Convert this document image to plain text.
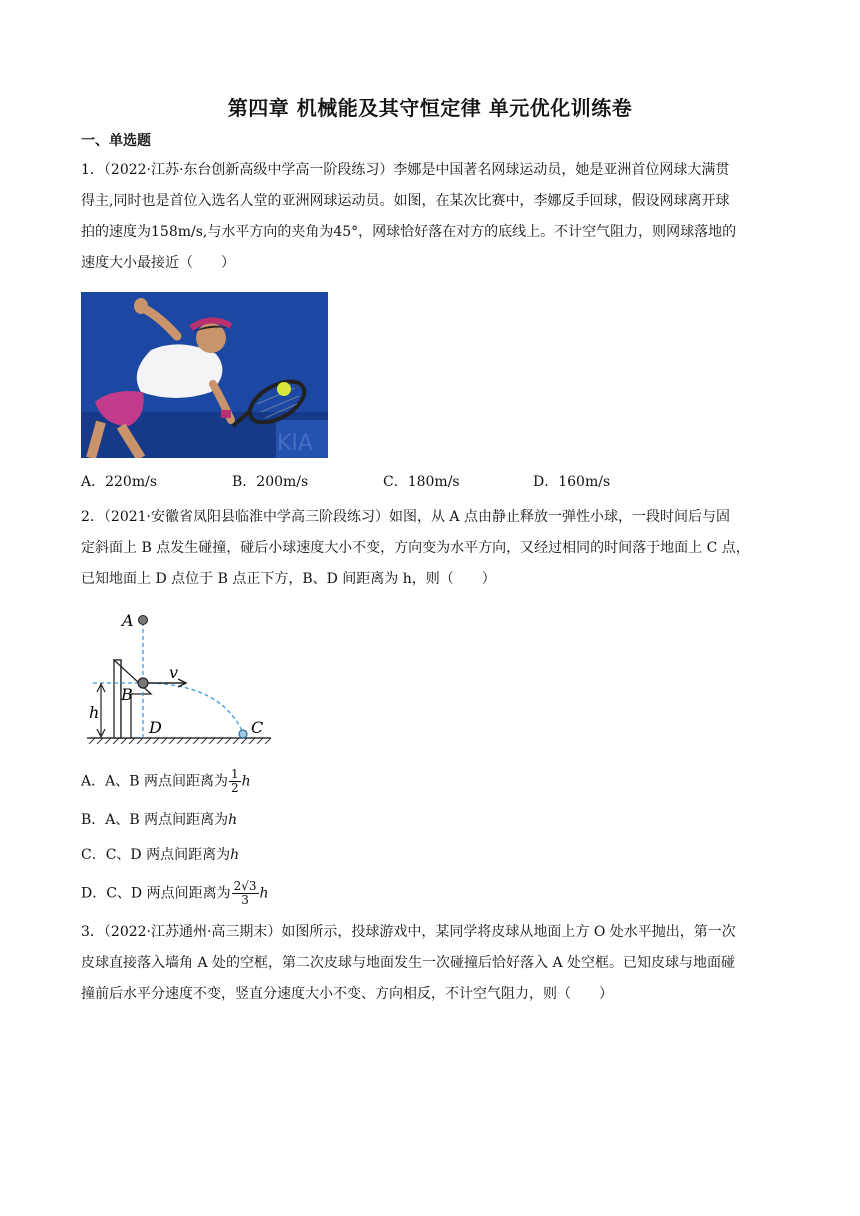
第四章 机械能及其守恒定律 单元优化训练卷
一、单选题
1．（2022·江苏·东台创新高级中学高一阶段练习）李娜是中国著名网球运动员，她是亚洲首位网球大满贯
得主,同时也是首位入选名人堂的亚洲网球运动员。如图，在某次比赛中，李娜反手回球，假设网球离开球
拍的速度为158m/s,与水平方向的夹角为45°，网球恰好落在对方的底线上。不计空气阻力，则网球落地的
速度大小最接近（　　）
KIA
A．220m/s	B．200m/s	C．180m/s	D．160m/s
2．（2021·安徽省凤阳县临淮中学高三阶段练习）如图，从 A 点由静止释放一弹性小球，一段时间后与固
定斜面上 B 点发生碰撞，碰后小球速度大小不变，方向变为水平方向，又经过相同的时间落于地面上 C 点，
已知地面上 D 点位于 B 点正下方，B、D 间距离为 h，则（　　）
A
B
h
D
v
C
A．A、B 两点间距离为 $\frac{1}{2}$ h
B．A、B 两点间距离为h
C．C、D 两点间距离为h
D．C、D 两点间距离为 $\frac{2√3}{3}$ h
3．（2022·江苏通州·高三期末）如图所示，投球游戏中，某同学将皮球从地面上方 O 处水平抛出，第一次
皮球直接落入墙角 A 处的空框，第二次皮球与地面发生一次碰撞后恰好落入 A 处空框。已知皮球与地面碰
撞前后水平分速度不变，竖直分速度大小不变、方向相反，不计空气阻力，则（　　）
